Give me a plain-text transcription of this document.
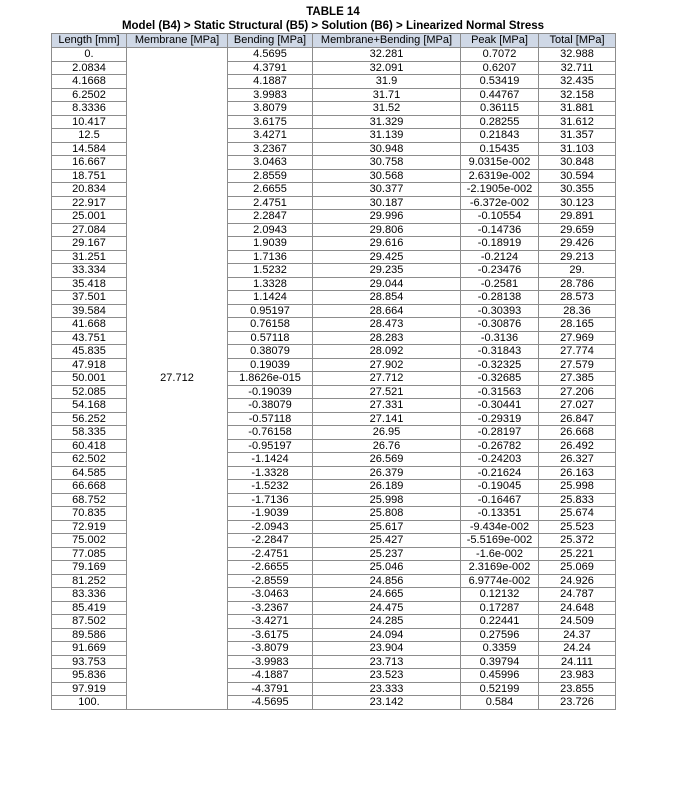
TABLE 14
Model (B4) > Static Structural (B5) > Solution (B6) > Linearized Normal Stress
Length [mm]	Membrane [MPa]	Bending [MPa]	Membrane+Bending [MPa]	Peak [MPa]	Total [MPa]
0.	27.712	4.5695	32.281	0.7072	32.988
2.0834		4.3791	32.091	0.6207	32.711
4.1668		4.1887	31.9	0.53419	32.435
6.2502		3.9983	31.71	0.44767	32.158
8.3336		3.8079	31.52	0.36115	31.881
10.417		3.6175	31.329	0.28255	31.612
12.5		3.4271	31.139	0.21843	31.357
14.584		3.2367	30.948	0.15435	31.103
16.667		3.0463	30.758	9.0315e-002	30.848
18.751		2.8559	30.568	2.6319e-002	30.594
20.834		2.6655	30.377	-2.1905e-002	30.355
22.917		2.4751	30.187	-6.372e-002	30.123
25.001		2.2847	29.996	-0.10554	29.891
27.084		2.0943	29.806	-0.14736	29.659
29.167		1.9039	29.616	-0.18919	29.426
31.251		1.7136	29.425	-0.2124	29.213
33.334		1.5232	29.235	-0.23476	29.
35.418		1.3328	29.044	-0.2581	28.786
37.501		1.1424	28.854	-0.28138	28.573
39.584		0.95197	28.664	-0.30393	28.36
41.668		0.76158	28.473	-0.30876	28.165
43.751		0.57118	28.283	-0.3136	27.969
45.835		0.38079	28.092	-0.31843	27.774
47.918		0.19039	27.902	-0.32325	27.579
50.001		1.8626e-015	27.712	-0.32685	27.385
52.085		-0.19039	27.521	-0.31563	27.206
54.168		-0.38079	27.331	-0.30441	27.027
56.252		-0.57118	27.141	-0.29319	26.847
58.335		-0.76158	26.95	-0.28197	26.668
60.418		-0.95197	26.76	-0.26782	26.492
62.502		-1.1424	26.569	-0.24203	26.327
64.585		-1.3328	26.379	-0.21624	26.163
66.668		-1.5232	26.189	-0.19045	25.998
68.752		-1.7136	25.998	-0.16467	25.833
70.835		-1.9039	25.808	-0.13351	25.674
72.919		-2.0943	25.617	-9.434e-002	25.523
75.002		-2.2847	25.427	-5.5169e-002	25.372
77.085		-2.4751	25.237	-1.6e-002	25.221
79.169		-2.6655	25.046	2.3169e-002	25.069
81.252		-2.8559	24.856	6.9774e-002	24.926
83.336		-3.0463	24.665	0.12132	24.787
85.419		-3.2367	24.475	0.17287	24.648
87.502		-3.4271	24.285	0.22441	24.509
89.586		-3.6175	24.094	0.27596	24.37
91.669		-3.8079	23.904	0.3359	24.24
93.753		-3.9983	23.713	0.39794	24.111
95.836		-4.1887	23.523	0.45996	23.983
97.919		-4.3791	23.333	0.52199	23.855
100.		-4.5695	23.142	0.584	23.726
